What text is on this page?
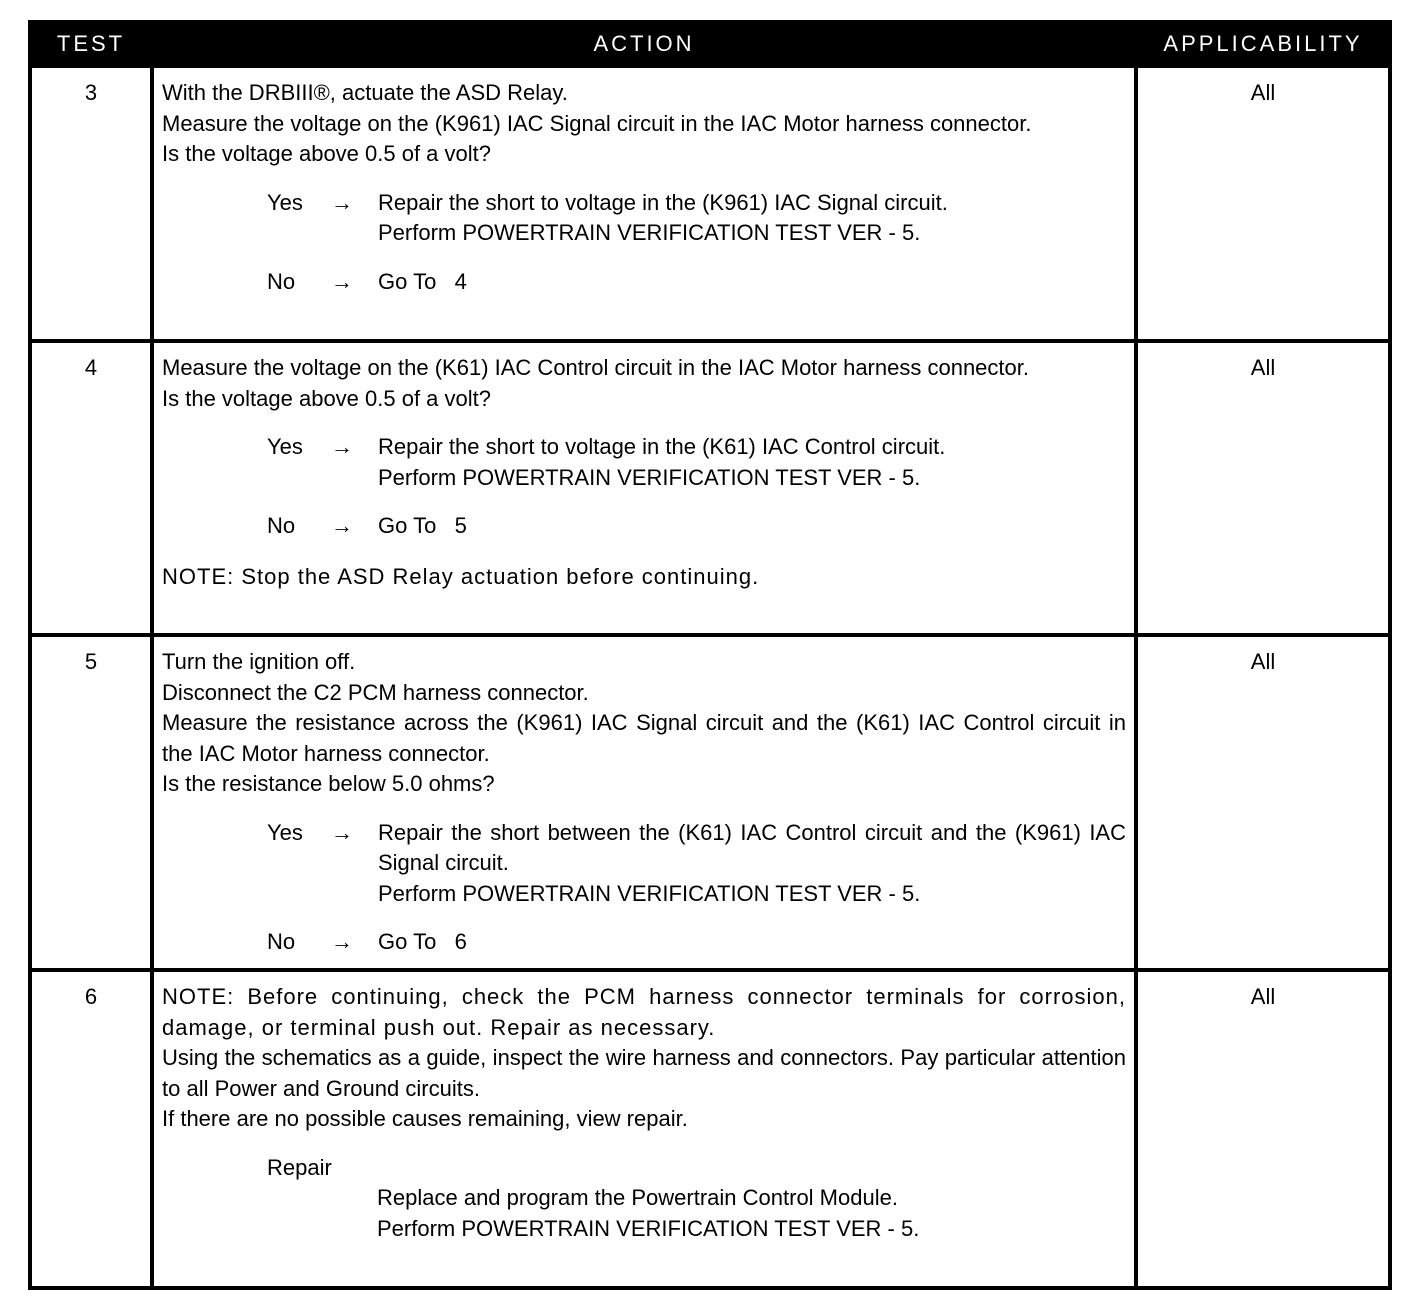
TEST	ACTION	APPLICABILITY
3	With the DRBIII®, actuate the ASD Relay.
Measure the voltage on the (K961) IAC Signal circuit in the IAC Motor harness connector.
Is the voltage above 0.5 of a volt?
Yes	→	Repair the short to voltage in the (K961) IAC Signal circuit.
Perform POWERTRAIN VERIFICATION TEST VER - 5.
No	→	Go To   4
All
4	Measure the voltage on the (K61) IAC Control circuit in the IAC Motor harness connector.
Is the voltage above 0.5 of a volt?
Yes	→	Repair the short to voltage in the (K61) IAC Control circuit.
Perform POWERTRAIN VERIFICATION TEST VER - 5.
No	→	Go To   5
NOTE: Stop the ASD Relay actuation before continuing.
All
5	Turn the ignition off.
Disconnect the C2 PCM harness connector.
Measure the resistance across the (K961) IAC Signal circuit and the (K61) IAC Control circuit in the IAC Motor harness connector.
Is the resistance below 5.0 ohms?
Yes	→	Repair the short between the (K61) IAC Control circuit and the (K961) IAC Signal circuit.
Perform POWERTRAIN VERIFICATION TEST VER - 5.
No	→	Go To   6
All
6	NOTE: Before continuing, check the PCM harness connector terminals for corrosion, damage, or terminal push out. Repair as necessary.
Using the schematics as a guide, inspect the wire harness and connectors. Pay particular attention to all Power and Ground circuits.
If there are no possible causes remaining, view repair.
Repair
Replace and program the Powertrain Control Module.
Perform POWERTRAIN VERIFICATION TEST VER - 5.
All
